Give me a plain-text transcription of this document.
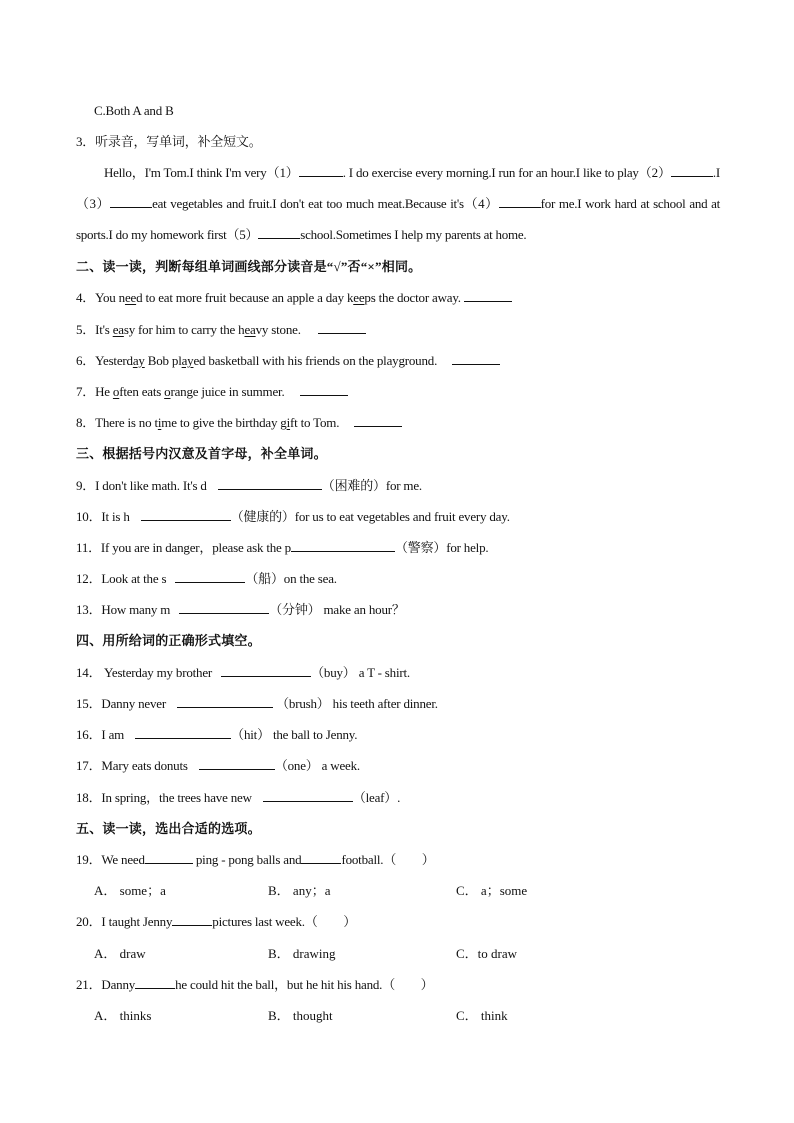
C.Both A and B
3．听录音，写单词，补全短文。
Hello，I'm Tom.I think I'm very（1）	. I do exercise every morning.I run for an hour.I like to play（2）	.I（3）	eat vegetables and fruit.I don't eat too much meat.Because it's（4）	for me.I work hard at school and at sports.I do my homework first（5）	school.Sometimes I help my parents at home.
二、读一读，判断每组单词画线部分读音是“√”否“×”相同。
4．You need to eat more fruit because an apple a day keeps the doctor away.
5．It's easy for him to carry the heavy stone.
6．Yesterday Bob played basketball with his friends on the playground.
7．He often eats orange juice in summer.
8．There is no time to give the birthday gift to Tom.
三、根据括号内汉意及首字母，补全单词。
9．I don't like math. It's d	（困难的）for me.
10．It is h	（健康的）for us to eat vegetables and fruit every day.
11．If you are in danger，please ask the p	（警察）for help.
12．Look at the s	（船）on the sea.
13．How many m	（分钟） make an hour？
四、用所给词的正确形式填空。
14． Yesterday my brother	（buy） a T - shirt.
15．Danny never	（brush） his teeth after dinner.
16．I am	（hit） the ball to Jenny.
17．Mary eats donuts	（one） a week.
18．In spring，the trees have new	（leaf）.
五、读一读，选出合适的选项。
19．We need	ping - pong balls and	football.（　　）
A． some；a	B． any；a	C． a；some
20．I taught Jenny	pictures last week.（　　）
A． draw	B． drawing	C．to draw
21．Danny	he could hit the ball，but he hit his hand.（　　）
A． thinks	B． thought	C． think
